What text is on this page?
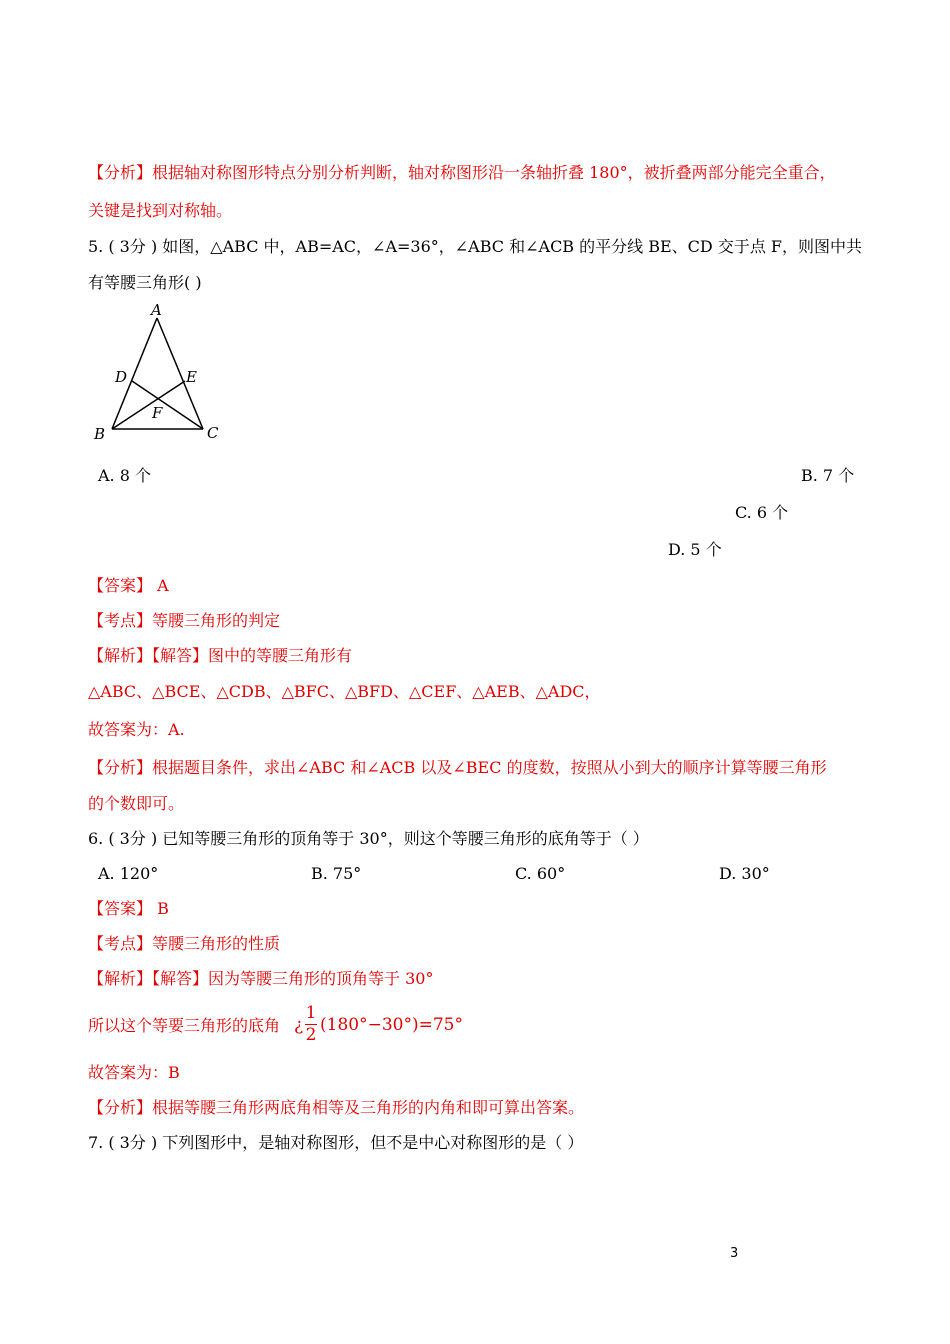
【分析】根据轴对称图形特点分别分析判断，轴对称图形沿一条轴折叠 180°，被折叠两部分能完全重合，
关键是找到对称轴。
5. ( 3分 ) 如图，△ABC 中，AB=AC，∠A=36°，∠ABC 和∠ACB 的平分线 BE、CD 交于点 F，则图中共
有等腰三角形( )
A
B	C
D	E
F
A. 8 个	B. 7 个
C. 6 个
D. 5 个
【答案】 A
【考点】等腰三角形的判定
【解析】【解答】图中的等腰三角形有
△ABC、△BCE、△CDB、△BFC、△BFD、△CEF、△AEB、△ADC，
故答案为：A.
【分析】根据题目条件，求出∠ABC 和∠ACB 以及∠BEC 的度数，按照从小到大的顺序计算等腰三角形
的个数即可。
6. ( 3分 ) 已知等腰三角形的顶角等于 30°，则这个等腰三角形的底角等于（ ）
A. 120°	B. 75°	C. 60°	D. 30°
【答案】 B
【考点】等腰三角形的性质
【解析】【解答】因为等腰三角形的顶角等于 30°
所以这个等要三角形的底角 ¿
1
2 (180°−30°)=75°
故答案为：B
【分析】根据等腰三角形两底角相等及三角形的内角和即可算出答案。
7. ( 3分 ) 下列图形中，是轴对称图形，但不是中心对称图形的是（ ）
3
